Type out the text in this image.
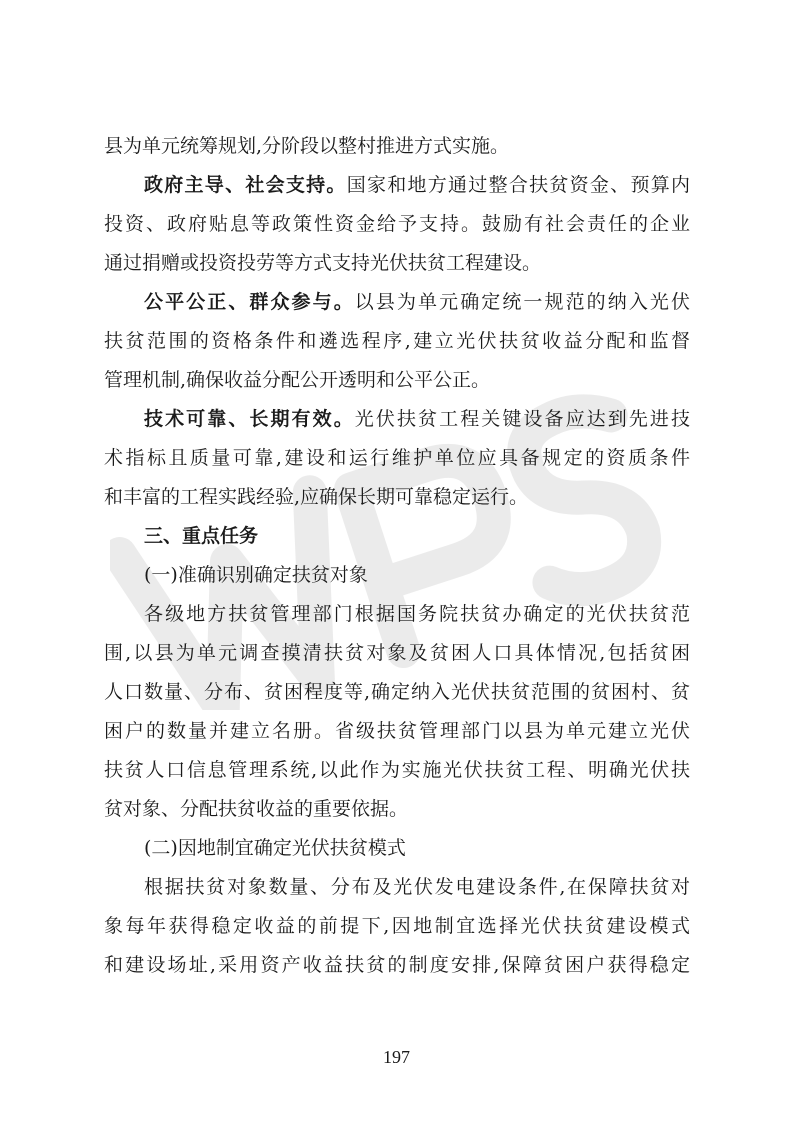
县为单元统筹规划,分阶段以整村推进方式实施。
政府主导、社会支持。国家和地方通过整合扶贫资金、预算内
投资、政府贴息等政策性资金给予支持。鼓励有社会责任的企业
通过捐赠或投资投劳等方式支持光伏扶贫工程建设。
公平公正、群众参与。以县为单元确定统一规范的纳入光伏
扶贫范围的资格条件和遴选程序,建立光伏扶贫收益分配和监督
管理机制,确保收益分配公开透明和公平公正。
技术可靠、长期有效。光伏扶贫工程关键设备应达到先进技
术指标且质量可靠,建设和运行维护单位应具备规定的资质条件
和丰富的工程实践经验,应确保长期可靠稳定运行。
三、重点任务
(一)准确识别确定扶贫对象
各级地方扶贫管理部门根据国务院扶贫办确定的光伏扶贫范
围,以县为单元调查摸清扶贫对象及贫困人口具体情况,包括贫困
人口数量、分布、贫困程度等,确定纳入光伏扶贫范围的贫困村、贫
困户的数量并建立名册。省级扶贫管理部门以县为单元建立光伏
扶贫人口信息管理系统,以此作为实施光伏扶贫工程、明确光伏扶
贫对象、分配扶贫收益的重要依据。
(二)因地制宜确定光伏扶贫模式
根据扶贫对象数量、分布及光伏发电建设条件,在保障扶贫对
象每年获得稳定收益的前提下,因地制宜选择光伏扶贫建设模式
和建设场址,采用资产收益扶贫的制度安排,保障贫困户获得稳定
197
